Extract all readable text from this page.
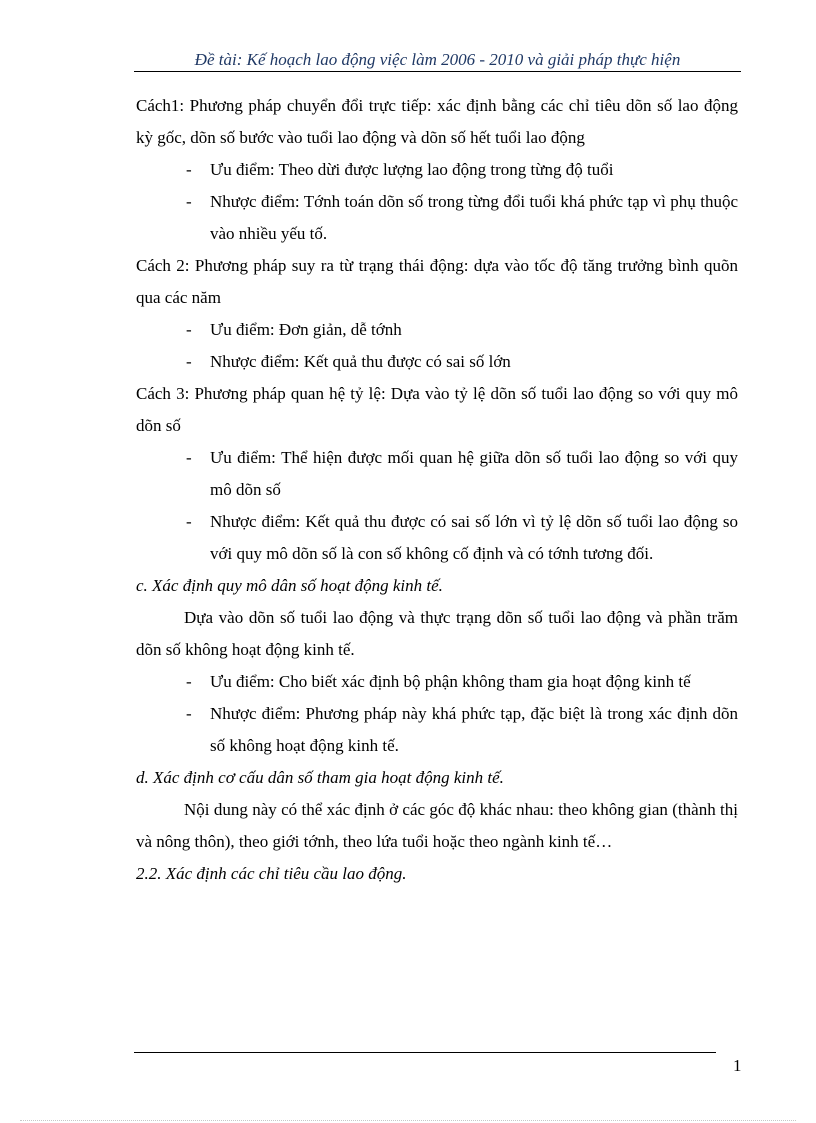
Đề tài: Kế hoạch lao động việc làm 2006 - 2010 và giải pháp thực hiện

Cách1: Phương pháp chuyển đổi trực tiếp: xác định bằng các chỉ tiêu dõn số lao động kỳ gốc, dõn số bước vào tuổi lao động và dõn số hết tuổi lao động

-	Ưu điểm: Theo dừi được lượng lao động trong từng độ tuổi
-	Nhược điểm: Tớnh toán dõn số trong từng đổi tuổi khá phức tạp vì phụ thuộc vào nhiều yếu tố.

Cách 2: Phương pháp suy ra từ trạng thái động: dựa vào tốc độ tăng trưởng bình quõn qua các năm

-	Ưu điểm: Đơn giản, dễ tớnh
-	Nhược điểm: Kết quả thu được có sai số lớn

Cách 3: Phương pháp quan hệ tỷ lệ: Dựa vào tỷ lệ dõn số tuổi lao động so với quy mô dõn số

-	Ưu điểm: Thể hiện được mối quan hệ giữa dõn số tuổi lao động so với quy mô dõn số
-	Nhược điểm: Kết quả thu được có sai số lớn vì tỷ lệ dõn số tuổi lao động so với quy mô dõn số là con số không cố định và có tớnh tương đối.

c. Xác định quy mô dân số hoạt động kinh tế.

Dựa vào dõn số tuổi lao động và thực trạng dõn số tuổi lao động và phần trăm dõn số không hoạt động kinh tế.

-	Ưu điểm: Cho biết xác định bộ phận không tham gia hoạt động kinh tế
-	Nhược điểm: Phương pháp này khá phức tạp, đặc biệt là trong xác định dõn số không hoạt động kinh tế.

d. Xác định cơ cấu dân số tham gia hoạt động kinh tế.

Nội dung này có thể xác định ở các góc độ khác nhau: theo không gian (thành thị và nông thôn), theo giới tớnh, theo lứa tuổi hoặc theo ngành kinh tế…

2.2. Xác định các chỉ tiêu cầu lao động.

1
